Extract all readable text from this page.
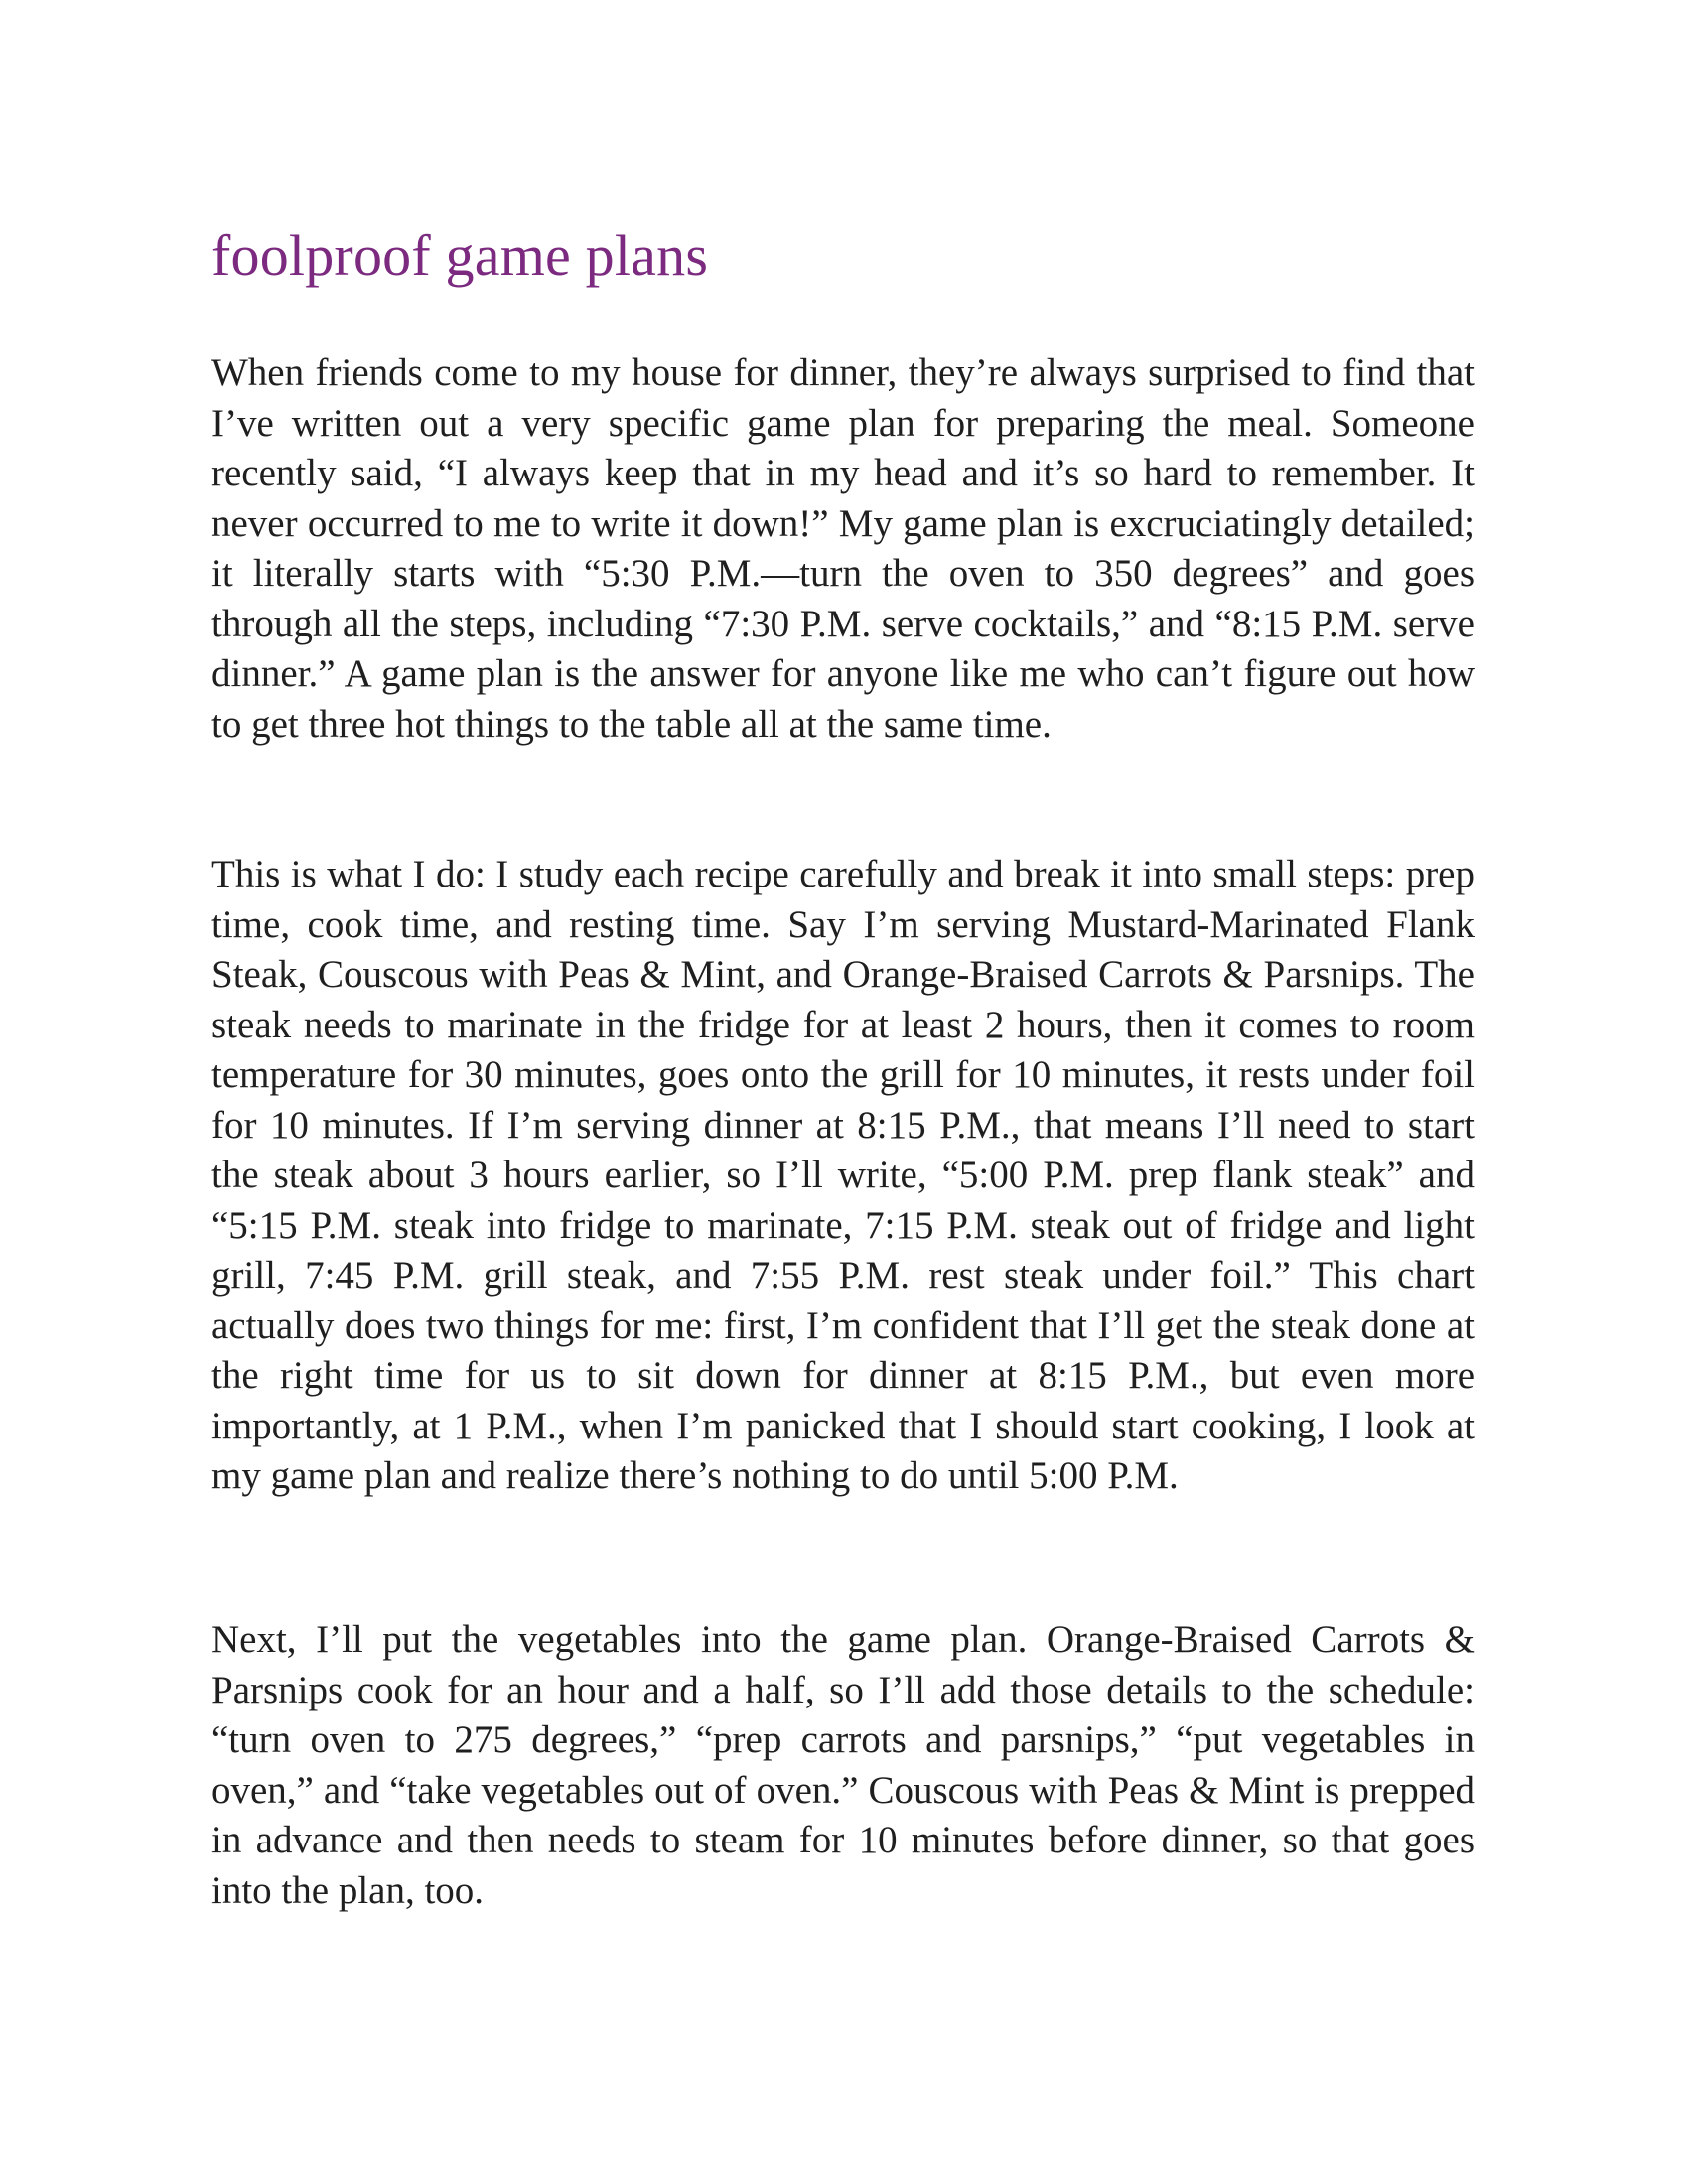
foolproof game plans

When friends come to my house for dinner, they’re always surprised to find that I’ve written out a very specific game plan for preparing the meal. Someone recently said, “I always keep that in my head and it’s so hard to remember. It never occurred to me to write it down!” My game plan is excruciatingly detailed; it literally starts with “5:30 P.M.—turn the oven to 350 degrees” and goes through all the steps, including “7:30 P.M. serve cocktails,” and “8:15 P.M. serve dinner.” A game plan is the answer for anyone like me who can’t figure out how to get three hot things to the table all at the same time.

This is what I do: I study each recipe carefully and break it into small steps: prep time, cook time, and resting time. Say I’m serving Mustard-Marinated Flank Steak, Couscous with Peas & Mint, and Orange-Braised Carrots & Parsnips. The steak needs to marinate in the fridge for at least 2 hours, then it comes to room temperature for 30 minutes, goes onto the grill for 10 minutes, it rests under foil for 10 minutes. If I’m serving dinner at 8:15 P.M., that means I’ll need to start the steak about 3 hours earlier, so I’ll write, “5:00 P.M. prep flank steak” and “5:15 P.M. steak into fridge to marinate, 7:15 P.M. steak out of fridge and light grill, 7:45 P.M. grill steak, and 7:55 P.M. rest steak under foil.” This chart actually does two things for me: first, I’m confident that I’ll get the steak done at the right time for us to sit down for dinner at 8:15 P.M., but even more importantly, at 1 P.M., when I’m panicked that I should start cooking, I look at my game plan and realize there’s nothing to do until 5:00 P.M.

Next, I’ll put the vegetables into the game plan. Orange-Braised Carrots & Parsnips cook for an hour and a half, so I’ll add those details to the schedule: “turn oven to 275 degrees,” “prep carrots and parsnips,” “put vegetables in oven,” and “take vegetables out of oven.” Couscous with Peas & Mint is prepped in advance and then needs to steam for 10 minutes before dinner, so that goes into the plan, too.
